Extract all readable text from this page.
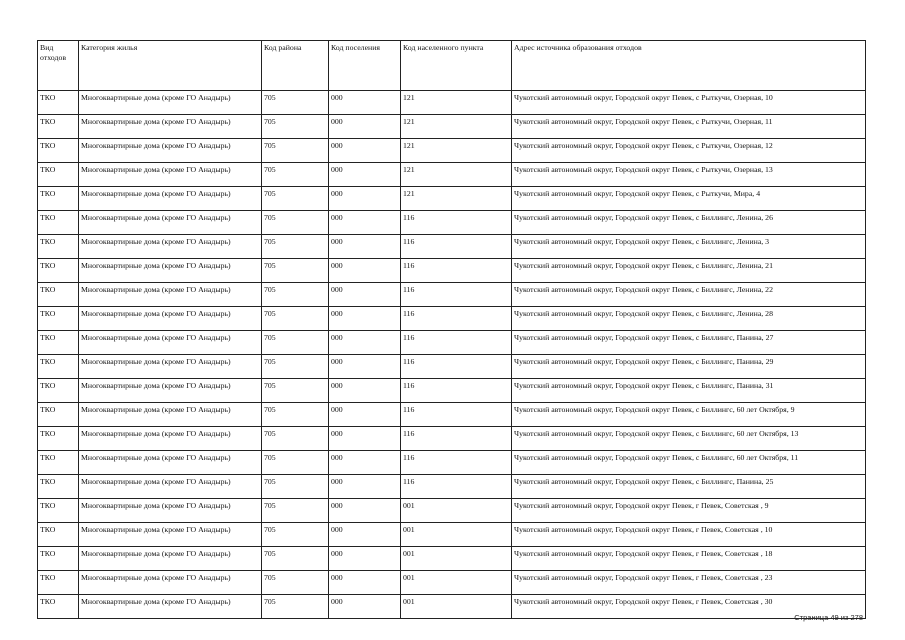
Вид отходов	Категория жилья	Код района	Код поселения	Код населенного пункта	Адрес источника образования отходов
ТКО	Многоквартирные дома (кроме ГО Анадырь)	705	000	121	Чукотский автономный округ, Городской округ Певек, с Рыткучи, Озерная, 10
ТКО	Многоквартирные дома (кроме ГО Анадырь)	705	000	121	Чукотский автономный округ, Городской округ Певек, с Рыткучи, Озерная, 11
ТКО	Многоквартирные дома (кроме ГО Анадырь)	705	000	121	Чукотский автономный округ, Городской округ Певек, с Рыткучи, Озерная, 12
ТКО	Многоквартирные дома (кроме ГО Анадырь)	705	000	121	Чукотский автономный округ, Городской округ Певек, с Рыткучи, Озерная, 13
ТКО	Многоквартирные дома (кроме ГО Анадырь)	705	000	121	Чукотский автономный округ, Городской округ Певек, с Рыткучи, Мира, 4
ТКО	Многоквартирные дома (кроме ГО Анадырь)	705	000	116	Чукотский автономный округ, Городской округ Певек, с Биллингс, Ленина, 26
ТКО	Многоквартирные дома (кроме ГО Анадырь)	705	000	116	Чукотский автономный округ, Городской округ Певек, с Биллингс, Ленина, 3
ТКО	Многоквартирные дома (кроме ГО Анадырь)	705	000	116	Чукотский автономный округ, Городской округ Певек, с Биллингс, Ленина, 21
ТКО	Многоквартирные дома (кроме ГО Анадырь)	705	000	116	Чукотский автономный округ, Городской округ Певек, с Биллингс, Ленина, 22
ТКО	Многоквартирные дома (кроме ГО Анадырь)	705	000	116	Чукотский автономный округ, Городской округ Певек, с Биллингс, Ленина, 28
ТКО	Многоквартирные дома (кроме ГО Анадырь)	705	000	116	Чукотский автономный округ, Городской округ Певек, с Биллингс, Панина, 27
ТКО	Многоквартирные дома (кроме ГО Анадырь)	705	000	116	Чукотский автономный округ, Городской округ Певек, с Биллингс, Панина, 29
ТКО	Многоквартирные дома (кроме ГО Анадырь)	705	000	116	Чукотский автономный округ, Городской округ Певек, с Биллингс, Панина, 31
ТКО	Многоквартирные дома (кроме ГО Анадырь)	705	000	116	Чукотский автономный округ, Городской округ Певек, с Биллингс, 60 лет Октября, 9
ТКО	Многоквартирные дома (кроме ГО Анадырь)	705	000	116	Чукотский автономный округ, Городской округ Певек, с Биллингс, 60 лет Октября, 13
ТКО	Многоквартирные дома (кроме ГО Анадырь)	705	000	116	Чукотский автономный округ, Городской округ Певек, с Биллингс, 60 лет Октября, 11
ТКО	Многоквартирные дома (кроме ГО Анадырь)	705	000	116	Чукотский автономный округ, Городской округ Певек, с Биллингс, Панина, 25
ТКО	Многоквартирные дома (кроме ГО Анадырь)	705	000	001	Чукотский автономный округ, Городской округ Певек, г Певек, Советская , 9
ТКО	Многоквартирные дома (кроме ГО Анадырь)	705	000	001	Чукотский автономный округ, Городской округ Певек, г Певек, Советская , 10
ТКО	Многоквартирные дома (кроме ГО Анадырь)	705	000	001	Чукотский автономный округ, Городской округ Певек, г Певек, Советская , 18
ТКО	Многоквартирные дома (кроме ГО Анадырь)	705	000	001	Чукотский автономный округ, Городской округ Певек, г Певек, Советская , 23
ТКО	Многоквартирные дома (кроме ГО Анадырь)	705	000	001	Чукотский автономный округ, Городской округ Певек, г Певек, Советская , 30
Страница 49 из 278
